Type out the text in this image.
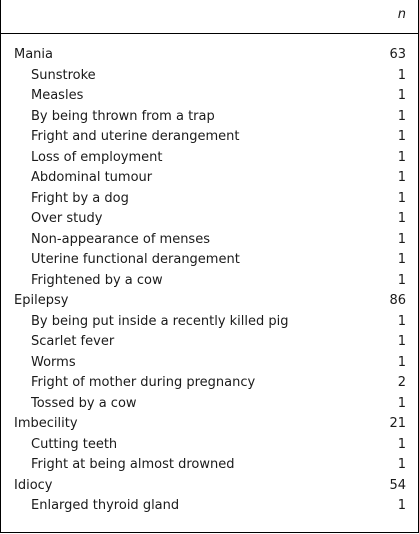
n
Mania	63
Sunstroke	1
Measles	1
By being thrown from a trap	1
Fright and uterine derangement	1
Loss of employment	1
Abdominal tumour	1
Fright by a dog	1
Over study	1
Non-appearance of menses	1
Uterine functional derangement	1
Frightened by a cow	1
Epilepsy	86
By being put inside a recently killed pig	1
Scarlet fever	1
Worms	1
Fright of mother during pregnancy	2
Tossed by a cow	1
Imbecility	21
Cutting teeth	1
Fright at being almost drowned	1
Idiocy	54
Enlarged thyroid gland	1
